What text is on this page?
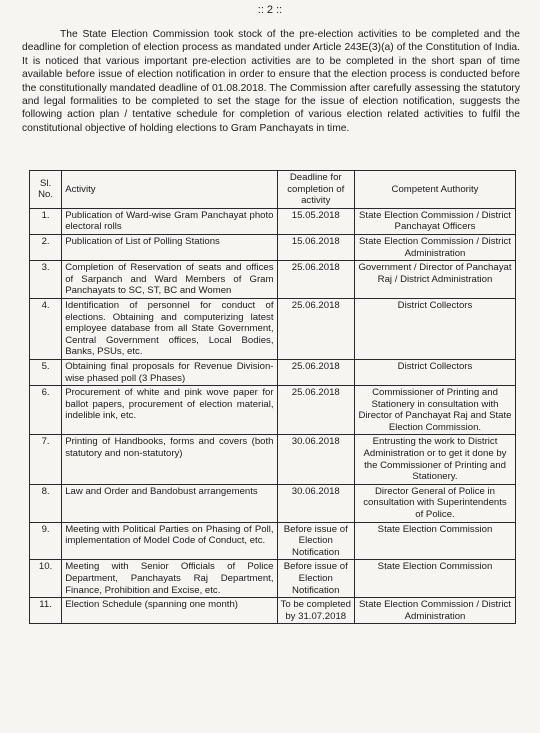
:: 2 ::

The State Election Commission took stock of the pre-election activities to be completed and the deadline for completion of election process as mandated under Article 243E(3)(a) of the Constitution of India. It is noticed that various important pre-election activities are to be completed in the short span of time available before issue of election notification in order to ensure that the election process is conducted before the constitutionally mandated deadline of 01.08.2018. The Commission after carefully assessing the statutory and legal formalities to be completed to set the stage for the issue of election notification, suggests the following action plan / tentative schedule for completion of various election related activities to fulfil the constitutional objective of holding elections to Gram Panchayats in time.

Sl. No.	Activity	Deadline for completion of activity	Competent Authority
1.	Publication of Ward-wise Gram Panchayat photo electoral rolls	15.05.2018	State Election Commission / District Panchayat Officers
2.	Publication of List of Polling Stations	15.06.2018	State Election Commission / District Administration
3.	Completion of Reservation of seats and offices of Sarpanch and Ward Members of Gram Panchayats to SC, ST, BC and Women	25.06.2018	Government / Director of Panchayat Raj / District Administration
4.	Identification of personnel for conduct of elections. Obtaining and computerizing latest employee database from all State Government, Central Government offices, Local Bodies, Banks, PSUs, etc.	25.06.2018	District Collectors
5.	Obtaining final proposals for Revenue Division-wise phased poll (3 Phases)	25.06.2018	District Collectors
6.	Procurement of white and pink wove paper for ballot papers, procurement of election material, indelible ink, etc.	25.06.2018	Commissioner of Printing and Stationery in consultation with Director of Panchayat Raj and State Election Commission.
7.	Printing of Handbooks, forms and covers (both statutory and non-statutory)	30.06.2018	Entrusting the work to District Administration or to get it done by the Commissioner of Printing and Stationery.
8.	Law and Order and Bandobust arrangements	30.06.2018	Director General of Police in consultation with Superintendents of Police.
9.	Meeting with Political Parties on Phasing of Poll, implementation of Model Code of Conduct, etc.	Before issue of Election Notification	State Election Commission
10.	Meeting with Senior Officials of Police Department, Panchayats Raj Department, Finance, Prohibition and Excise, etc.	Before issue of Election Notification	State Election Commission
11.	Election Schedule (spanning one month)	To be completed by 31.07.2018	State Election Commission / District Administration
